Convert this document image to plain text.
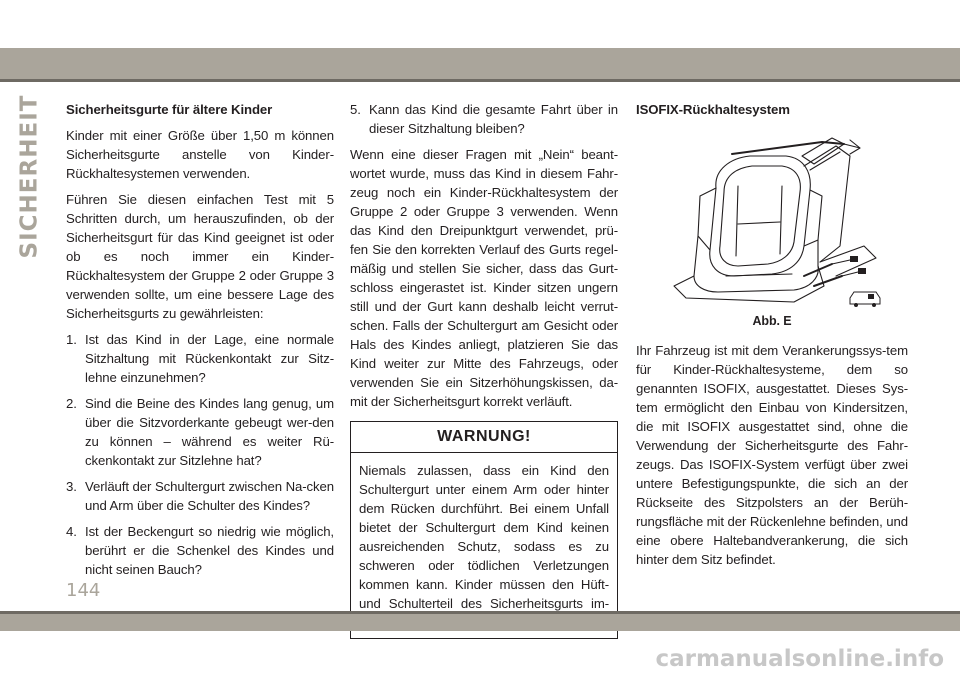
SICHERHEIT Sicherheitsgurte für ältere Kinder

Kinder mit einer Größe über 1,50 m können Sicherheitsgurte anstelle von Kinder-Rückhaltesystemen verwenden.

Führen Sie diesen einfachen Test mit 5 Schritten durch, um herauszufinden, ob der Sicherheitsgurt für das Kind geeignet ist oder ob es noch immer ein Kinder-Rückhaltesystem der Gruppe 2 oder Gruppe 3 verwenden sollte, um eine bessere Lage des Sicherheitsgurts zu gewährleisten:

1. Ist das Kind in der Lage, eine normale Sitzhaltung mit Rückenkontakt zur Sitz-lehne einzunehmen?
2. Sind die Beine des Kindes lang genug, um über die Sitzvorderkante gebeugt wer-den zu können – während es weiter Rü-ckenkontakt zur Sitzlehne hat?
3. Verläuft der Schultergurt zwischen Na-cken und Arm über die Schulter des Kindes?
4. Ist der Beckengurt so niedrig wie möglich, berührt er die Schenkel des Kindes und nicht seinen Bauch?
5. Kann das Kind die gesamte Fahrt über in dieser Sitzhaltung bleiben?

Wenn eine dieser Fragen mit „Nein“ beant-wortet wurde, muss das Kind in diesem Fahr-zeug noch ein Kinder-Rückhaltesystem der Gruppe 2 oder Gruppe 3 verwenden. Wenn das Kind den Dreipunktgurt verwendet, prü-fen Sie den korrekten Verlauf des Gurts regel-mäßig und stellen Sie sicher, dass das Gurt-schloss eingerastet ist. Kinder sitzen ungern still und der Gurt kann deshalb leicht verrut-schen. Falls der Schultergurt am Gesicht oder Hals des Kindes anliegt, platzieren Sie das Kind weiter zur Mitte des Fahrzeugs, oder verwenden Sie ein Sitzerhöhungskissen, da-mit der Sicherheitsgurt korrekt verläuft.

WARNUNG!

Niemals zulassen, dass ein Kind den Schultergurt unter einem Arm oder hinter dem Rücken durchführt. Bei einem Unfall bietet der Schultergurt dem Kind keinen ausreichenden Schutz, sodass es zu schweren oder tödlichen Verletzungen kommen kann. Kinder müssen den Hüft- und Schulterteil des Sicherheitsgurts im-

ISOFIX-Rückhaltesystem
Abb. E

Ihr Fahrzeug ist mit dem Verankerungssys-tem für Kinder-Rückhaltesysteme, dem so genannten ISOFIX, ausgestattet. Dieses Sys-tem ermöglicht den Einbau von Kindersitzen, die mit ISOFIX ausgestattet sind, ohne die Verwendung der Sicherheitsgurte des Fahr-zeugs. Das ISOFIX-System verfügt über zwei untere Befestigungspunkte, die sich an der Rückseite des Sitzpolsters an der Berüh-rungsfläche mit der Rückenlehne befinden, und eine obere Haltebandverankerung, die sich hinter dem Sitz befindet.

144
carmanualsonline.info
